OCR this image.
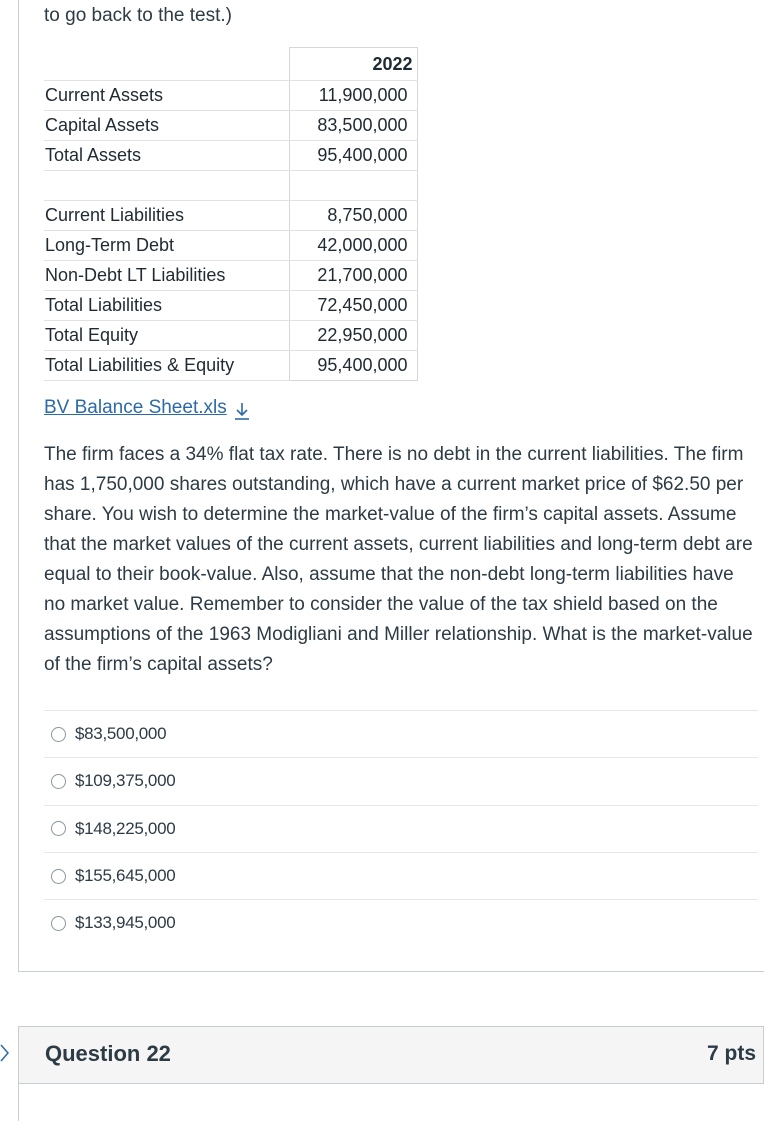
to go back to the test.)
	2022
Current Assets	11,900,000
Capital Assets	83,500,000
Total Assets	95,400,000

Current Liabilities	8,750,000
Long-Term Debt	42,000,000
Non-Debt LT Liabilities	21,700,000
Total Liabilities	72,450,000
Total Equity	22,950,000
Total Liabilities & Equity	95,400,000
BV Balance Sheet.xls
The firm faces a 34% flat tax rate. There is no debt in the current liabilities. The firm has 1,750,000 shares outstanding, which have a current market price of $62.50 per share. You wish to determine the market-value of the firm’s capital assets. Assume that the market values of the current assets, current liabilities and long-term debt are equal to their book-value. Also, assume that the non-debt long-term liabilities have no market value. Remember to consider the value of the tax shield based on the assumptions of the 1963 Modigliani and Miller relationship. What is the market-value of the firm’s capital assets?
$83,500,000
$109,375,000
$148,225,000
$155,645,000
$133,945,000
Question 22	7 pts
